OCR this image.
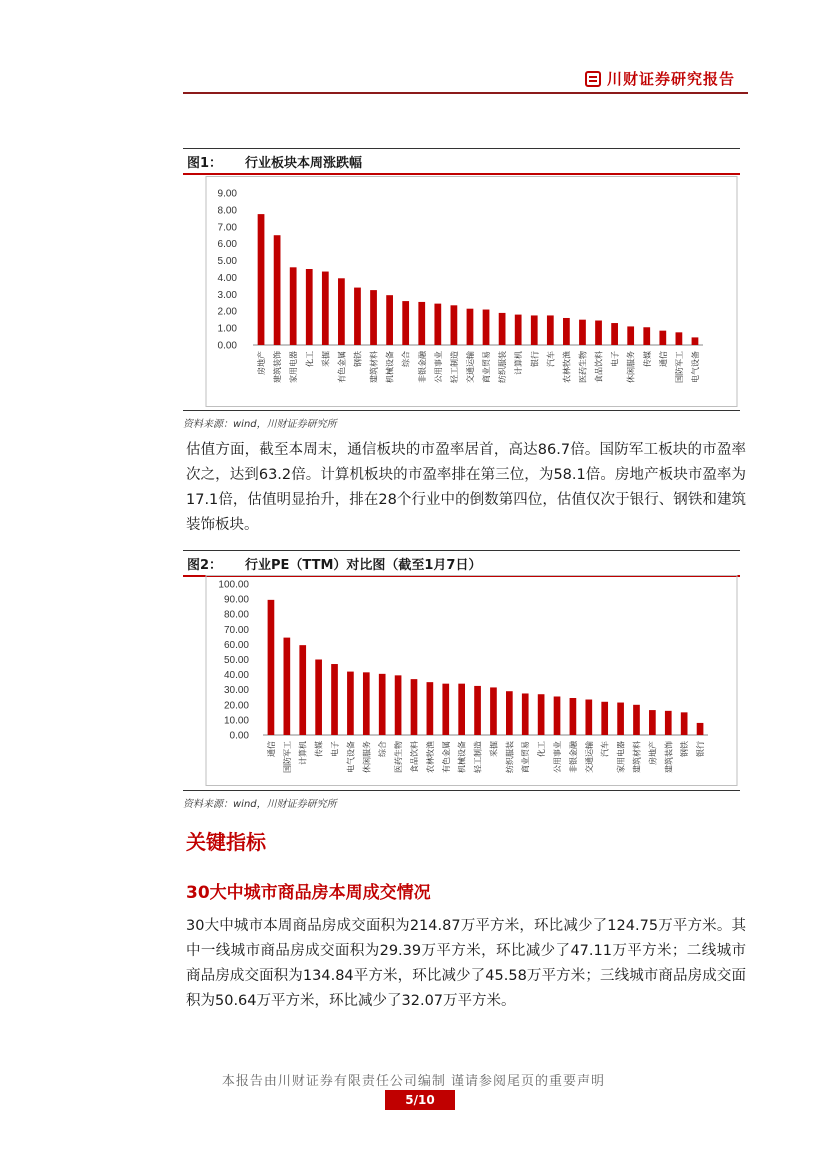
川财证券研究报告
图1：	行业板块本周涨跌幅
9.00
8.00
7.00
6.00
5.00
4.00
3.00
2.00
1.00
0.00
房地产 建筑装饰 家用电器 化工 采掘 有色金属 钢铁 建筑材料 机械设备 综合 非银金融 公用事业 轻工制造 交通运输 商业贸易 纺织服装 计算机 银行 汽车 农林牧渔 医药生物 食品饮料 电子 休闲服务 传媒 通信 国防军工 电气设备
资料来源：wind，川财证券研究所
估值方面，截至本周末，通信板块的市盈率居首，高达86.7倍。国防军工板块的市盈率次之，达到63.2倍。计算机板块的市盈率排在第三位，为58.1倍。房地产板块市盈率为17.1倍，估值明显抬升，排在28个行业中的倒数第四位，估值仅次于银行、钢铁和建筑装饰板块。
图2：	行业PE（TTM）对比图（截至1月7日）
100.00
90.00
80.00
70.00
60.00
50.00
40.00
30.00
20.00
10.00
0.00
通信 国防军工 计算机 传媒 电子 电气设备 休闲服务 综合 医药生物 食品饮料 农林牧渔 有色金属 机械设备 轻工制造 采掘 纺织服装 商业贸易 化工 公用事业 非银金融 交通运输 汽车 家用电器 建筑材料 房地产 建筑装饰 钢铁 银行
资料来源：wind，川财证券研究所
关键指标
30大中城市商品房本周成交情况
30大中城市本周商品房成交面积为214.87万平方米，环比减少了124.75万平方米。其中一线城市商品房成交面积为29.39万平方米，环比减少了47.11万平方米；二线城市商品房成交面积为134.84平方米，环比减少了45.58万平方米；三线城市商品房成交面积为50.64万平方米，环比减少了32.07万平方米。
本报告由川财证券有限责任公司编制 谨请参阅尾页的重要声明
5/10
